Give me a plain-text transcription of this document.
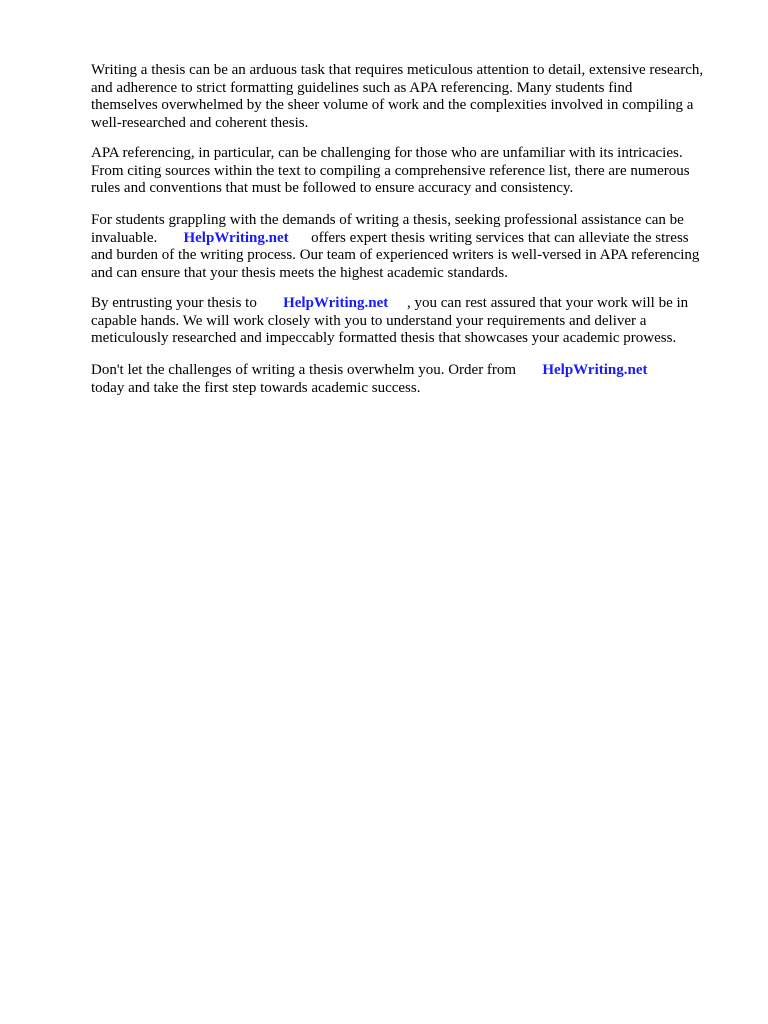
Writing a thesis can be an arduous task that requires meticulous attention to detail, extensive research,
and adherence to strict formatting guidelines such as APA referencing. Many students find
themselves overwhelmed by the sheer volume of work and the complexities involved in compiling a
well-researched and coherent thesis.

APA referencing, in particular, can be challenging for those who are unfamiliar with its intricacies.
From citing sources within the text to compiling a comprehensive reference list, there are numerous
rules and conventions that must be followed to ensure accuracy and consistency.

For students grappling with the demands of writing a thesis, seeking professional assistance can be
invaluable.       HelpWriting.net      offers expert thesis writing services that can alleviate the stress
and burden of the writing process. Our team of experienced writers is well-versed in APA referencing
and can ensure that your thesis meets the highest academic standards.

By entrusting your thesis to       HelpWriting.net     , you can rest assured that your work will be in
capable hands. We will work closely with you to understand your requirements and deliver a
meticulously researched and impeccably formatted thesis that showcases your academic prowess.

Don't let the challenges of writing a thesis overwhelm you. Order from       HelpWriting.net
today and take the first step towards academic success.
